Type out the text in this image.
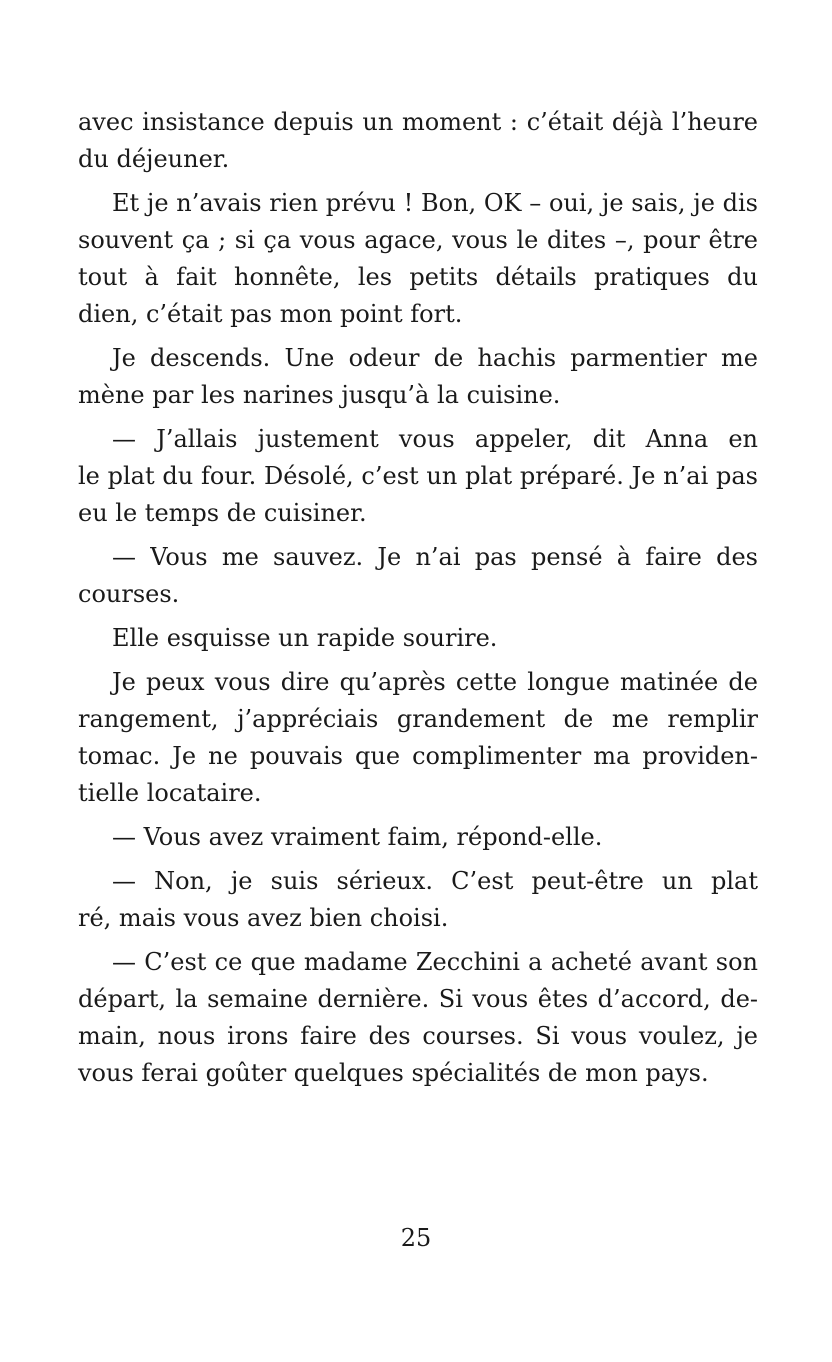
avec insistance depuis un moment : c’était déjà l’heure
du déjeuner.
Et je n’avais rien prévu ! Bon, OK – oui, je sais, je dis
souvent ça ; si ça vous agace, vous le dites –, pour être
tout à fait honnête, les petits détails pratiques du
dien, c’était pas mon point fort.
Je descends. Une odeur de hachis parmentier me
mène par les narines jusqu’à la cuisine.
— J’allais justement vous appeler, dit Anna en
le plat du four. Désolé, c’est un plat préparé. Je n’ai pas
eu le temps de cuisiner.
— Vous me sauvez. Je n’ai pas pensé à faire des
courses.
Elle esquisse un rapide sourire.
Je peux vous dire qu’après cette longue matinée de
rangement, j’appréciais grandement de me remplir
tomac. Je ne pouvais que complimenter ma providen-
tielle locataire.
— Vous avez vraiment faim, répond-elle.
— Non, je suis sérieux. C’est peut-être un plat
ré, mais vous avez bien choisi.
— C’est ce que madame Zecchini a acheté avant son
départ, la semaine dernière. Si vous êtes d’accord, de-
main, nous irons faire des courses. Si vous voulez, je
vous ferai goûter quelques spécialités de mon pays.
25
